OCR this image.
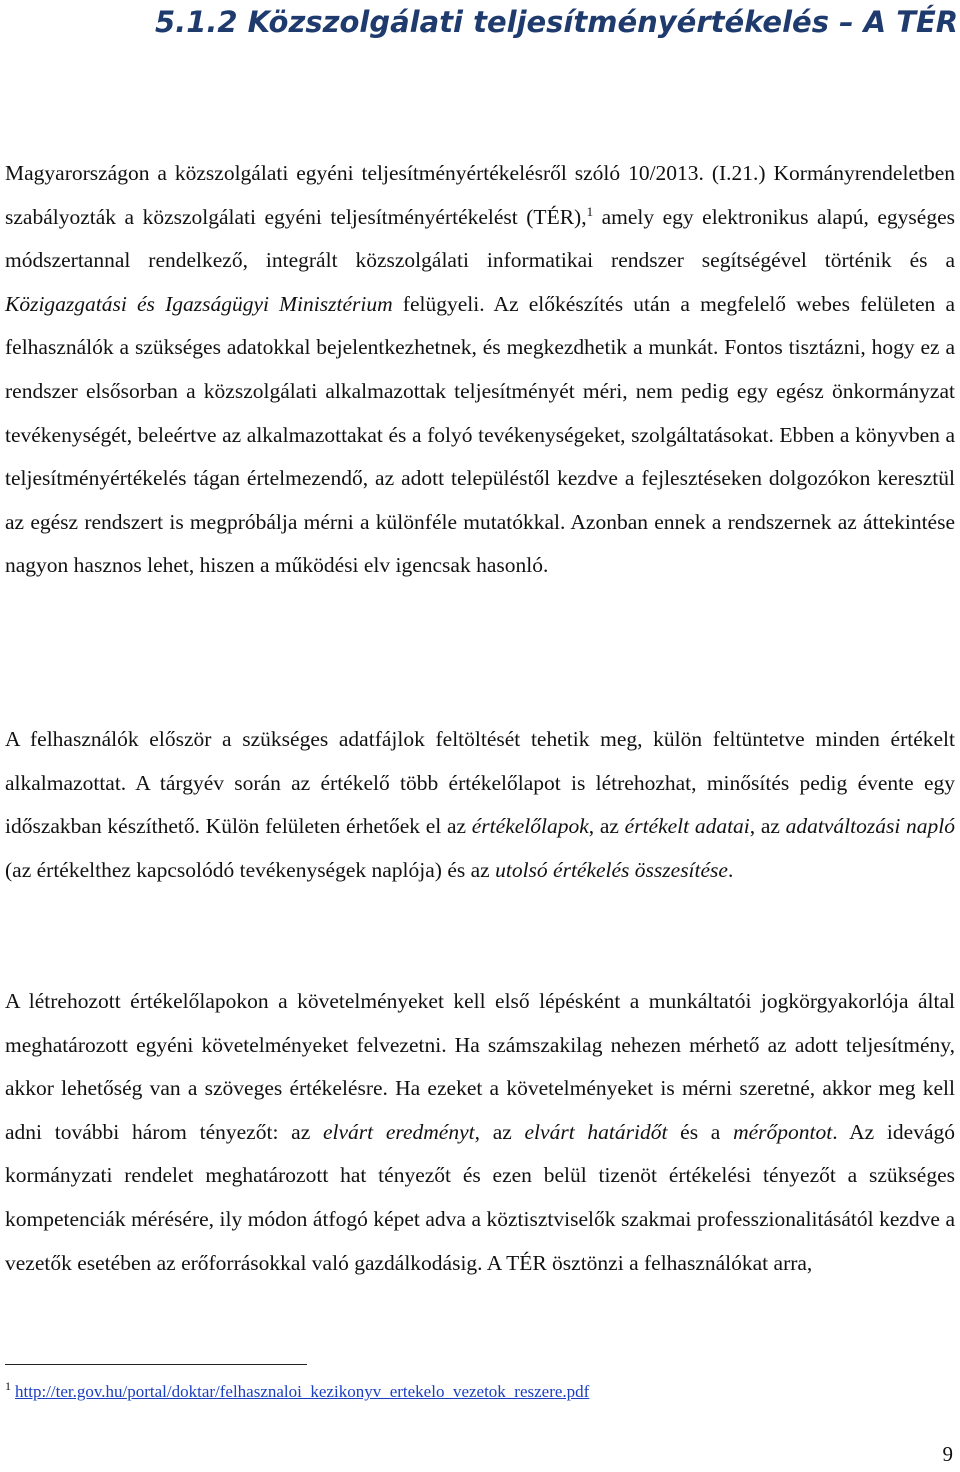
5.1.2 Közszolgálati teljesítményértékelés – A TÉR

Magyarországon a közszolgálati egyéni teljesítményértékelésről szóló 10/2013. (I.21.) Kormányrendeletben szabályozták a közszolgálati egyéni teljesítményértékelést (TÉR),$^1$ amely egy elektronikus alapú, egységes módszertannal rendelkező, integrált közszolgálati informatikai rendszer segítségével történik és a Közigazgatási és Igazságügyi Minisztérium felügyeli. Az előkészítés után a megfelelő webes felületen a felhasználók a szükséges adatokkal bejelentkezhetnek, és megkezdhetik a munkát. Fontos tisztázni, hogy ez a rendszer elsősorban a közszolgálati alkalmazottak teljesítményét méri, nem pedig egy egész önkormányzat tevékenységét, beleértve az alkalmazottakat és a folyó tevékenységeket, szolgáltatásokat. Ebben a könyvben a teljesítményértékelés tágan értelmezendő, az adott településtől kezdve a fejlesztéseken dolgozókon keresztül az egész rendszert is megpróbálja mérni a különféle mutatókkal. Azonban ennek a rendszernek az áttekintése nagyon hasznos lehet, hiszen a működési elv igencsak hasonló.

A felhasználók először a szükséges adatfájlok feltöltését tehetik meg, külön feltüntetve minden értékelt alkalmazottat. A tárgyév során az értékelő több értékelőlapot is létrehozhat, minősítés pedig évente egy időszakban készíthető. Külön felületen érhetőek el az értékelőlapok, az értékelt adatai, az adatváltozási napló (az értékelthez kapcsolódó tevékenységek naplója) és az utolsó értékelés összesítése.

A létrehozott értékelőlapokon a követelményeket kell első lépésként a munkáltatói jogkörgyakorlója által meghatározott egyéni követelményeket felvezetni. Ha számszakilag nehezen mérhető az adott teljesítmény, akkor lehetőség van a szöveges értékelésre. Ha ezeket a követelményeket is mérni szeretné, akkor meg kell adni további három tényezőt: az elvárt eredményt, az elvárt határidőt és a mérőpontot. Az idevágó kormányzati rendelet meghatározott hat tényezőt és ezen belül tizenöt értékelési tényezőt a szükséges kompetenciák mérésére, ily módon átfogó képet adva a köztisztviselők szakmai professzionalitásától kezdve a vezetők esetében az erőforrásokkal való gazdálkodásig. A TÉR ösztönzi a felhasználókat arra,

$^1$ http://ter.gov.hu/portal/doktar/felhasznaloi_kezikonyv_ertekelo_vezetok_reszere.pdf
9
